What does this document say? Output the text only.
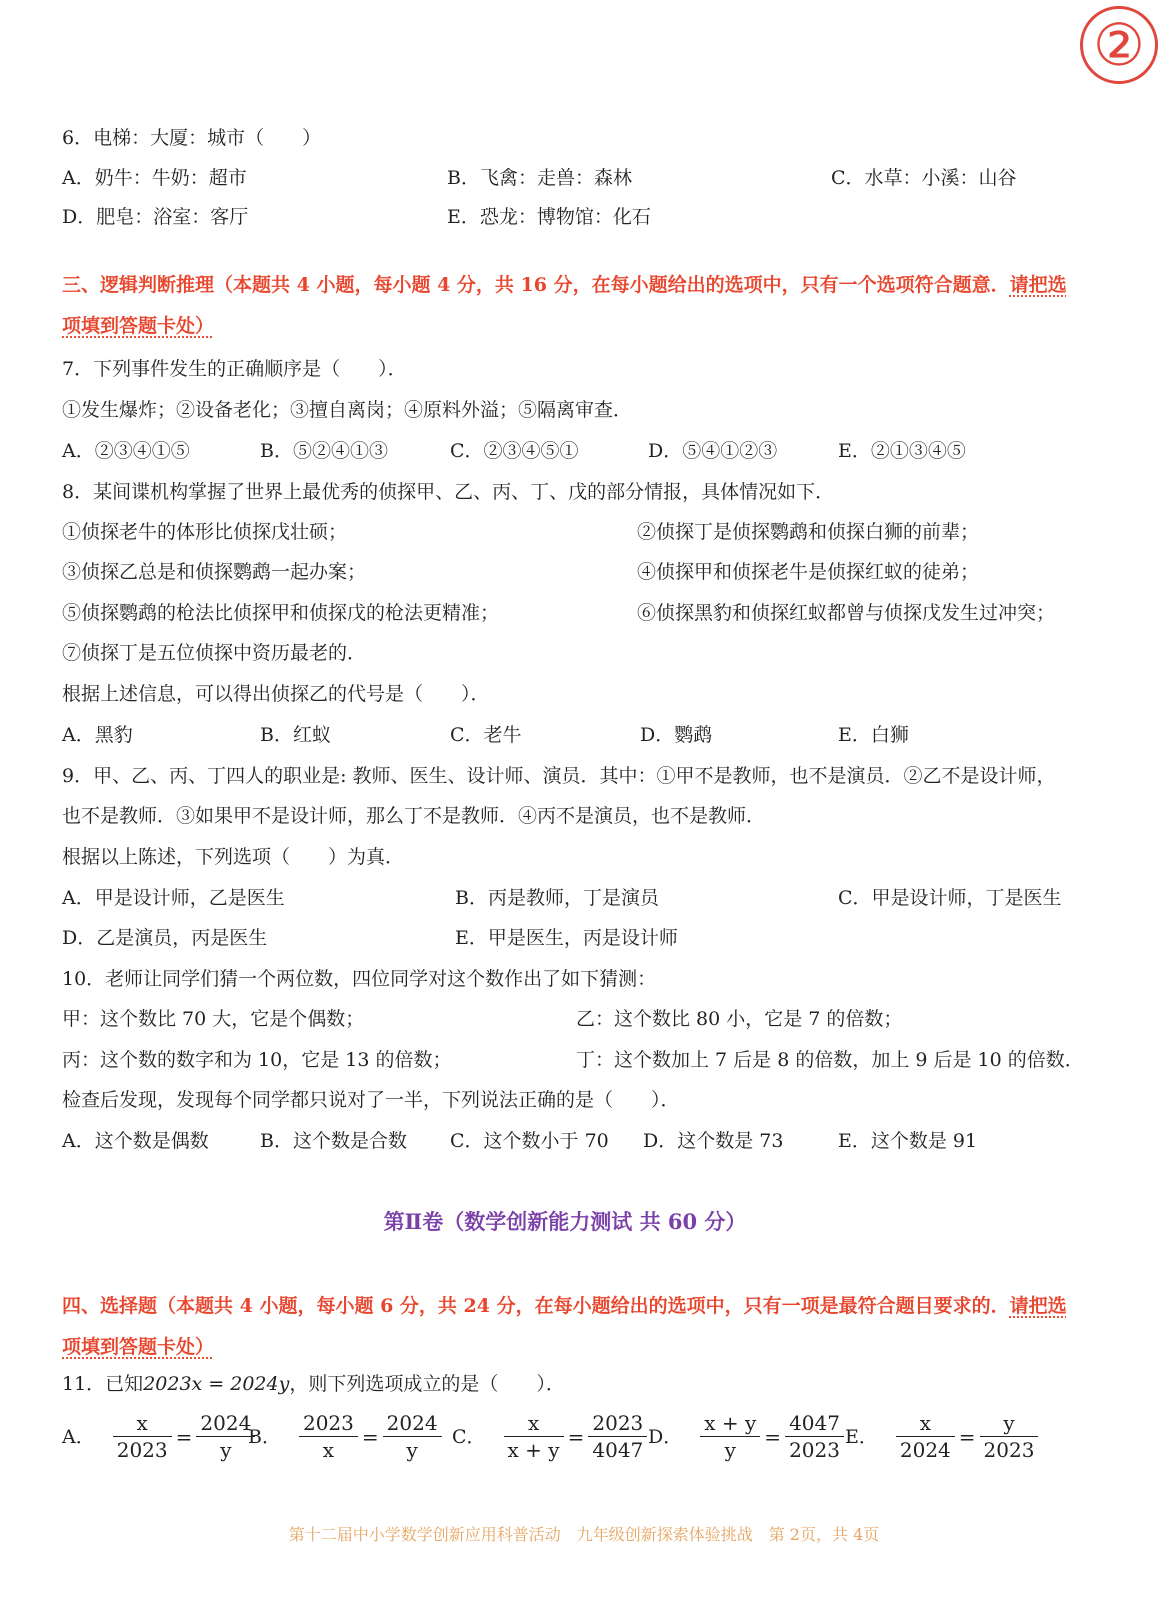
②
6．电梯：大厦：城市（　　）
A．奶牛：牛奶：超市	B．飞禽：走兽：森林	C．水草：小溪：山谷
D．肥皂：浴室：客厅	E．恐龙：博物馆：化石
三、逻辑判断推理（本题共 4 小题，每小题 4 分，共 16 分，在每小题给出的选项中，只有一个选项符合题意．请把选
项填到答题卡处）
7．下列事件发生的正确顺序是（　　）．
①发生爆炸；②设备老化；③擅自离岗；④原料外溢；⑤隔离审查．
A．②③④①⑤	B．⑤②④①③	C．②③④⑤①	D．⑤④①②③	E．②①③④⑤
8．某间谍机构掌握了世界上最优秀的侦探甲、乙、丙、丁、戊的部分情报，具体情况如下．
①侦探老牛的体形比侦探戊壮硕；	②侦探丁是侦探鹦鹉和侦探白狮的前辈；
③侦探乙总是和侦探鹦鹉一起办案；	④侦探甲和侦探老牛是侦探红蚁的徒弟；
⑤侦探鹦鹉的枪法比侦探甲和侦探戊的枪法更精准；	⑥侦探黑豹和侦探红蚁都曾与侦探戊发生过冲突；
⑦侦探丁是五位侦探中资历最老的．
根据上述信息，可以得出侦探乙的代号是（　　）．
A．黑豹	B．红蚁	C．老牛	D．鹦鹉	E．白狮
9．甲、乙、丙、丁四人的职业是: 教师、医生、设计师、演员．其中：①甲不是教师，也不是演员．②乙不是设计师，
也不是教师．③如果甲不是设计师，那么丁不是教师．④丙不是演员，也不是教师．
根据以上陈述，下列选项（　　）为真．
A．甲是设计师，乙是医生	B．丙是教师，丁是演员	C．甲是设计师，丁是医生
D．乙是演员，丙是医生	E．甲是医生，丙是设计师
10．老师让同学们猜一个两位数，四位同学对这个数作出了如下猜测：
甲：这个数比 70 大，它是个偶数；	乙：这个数比 80 小，它是 7 的倍数；
丙：这个数的数字和为 10，它是 13 的倍数；	丁：这个数加上 7 后是 8 的倍数，加上 9 后是 10 的倍数．
检查后发现，发现每个同学都只说对了一半，下列说法正确的是（　　）．
A．这个数是偶数	B．这个数是合数 C．这个数小于 70 D．这个数是 73	E．这个数是 91
第Ⅱ卷（数学创新能力测试 共 60 分）
四、选择题（本题共 4 小题，每小题 6 分，共 24 分，在每小题给出的选项中，只有一项是最符合题目要求的．请把选
项填到答题卡处）
11．已知2023x = 2024y，则下列选项成立的是（　　）．
A． $\frac{x}{2023} = \frac{2024}{y}$
B． $\frac{2023}{x} = \frac{2024}{y}$ C． $\frac{x}{x + y} = \frac{2023}{4047}$ D． $\frac{x + y}{y} = \frac{4047}{2023}$ E． $\frac{x}{2024} = \frac{y}{2023}$
第十二届中小学数学创新应用科普活动　九年级创新探索体验挑战　第 2页，共 4页
